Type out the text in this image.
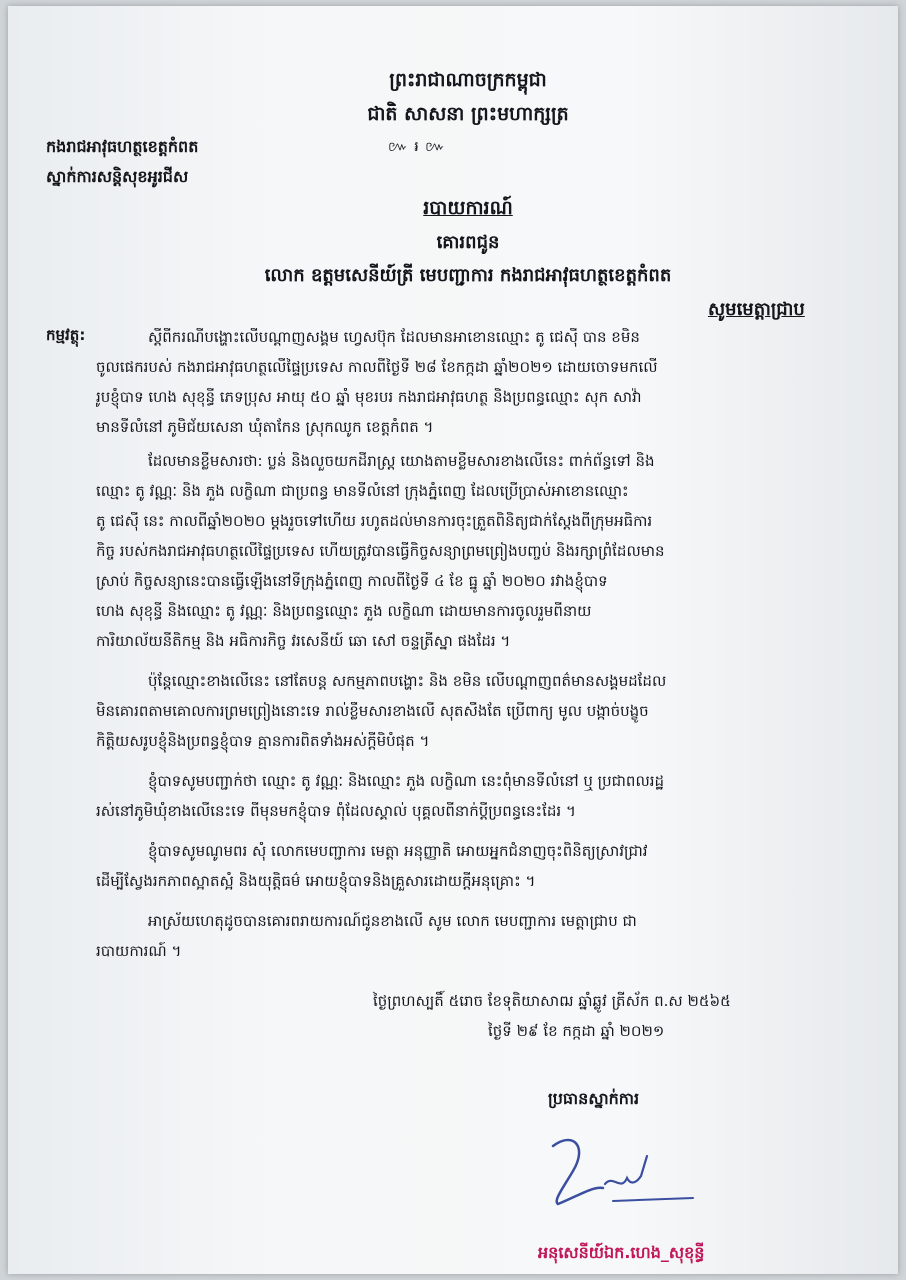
ព្រះរាជាណាចក្រកម្ពុជា
ជាតិ សាសនា ព្រះមហាក្សត្រ
៚ ៛ ៚
កងរាជអាវុធហត្ថខេត្តកំពត
ស្នាក់ការសន្តិសុខអូរជីស
របាយការណ៍
គោរពជូន
លោក ឧត្តមសេនីយ៍ត្រី មេបញ្ជាការ កងរាជអាវុធហត្ថខេត្តកំពត
សូមមេត្តាជ្រាប
កម្មវត្ថុ:	ស្តីពីករណីបង្ហោះលើបណ្តាញសង្គម ហ្វេសប៊ុក ដែលមានអាខោនឈ្មោះ តូ ជេស៊ី បាន ខមិន
ចូលផេករបស់ កងរាជអាវុធហត្ថលើផ្ទៃប្រទេស កាលពីថ្ងៃទី ២៨ ខែកក្កដា ឆ្នាំ២០២១ ដោយចោទមកលើ
រូបខ្ញុំបាទ ហេង សុខុន្ធី ភេទប្រុស អាយុ ៥០ ឆ្នាំ មុខរបរ កងរាជអាវុធហត្ថ និងប្រពន្ធឈ្មោះ សុក សាវ៉ា
មានទីលំនៅ ភូមិជ័យសេនា ឃុំតាកែន ស្រុកឈូក ខេត្តកំពត ។
ដែលមានខ្លឹមសារថា: ប្លន់ និងលួចយកដីរាស្ត្រ យោងតាមខ្លឹមសារខាងលើនេះ ពាក់ព័ន្ធទៅ និង
ឈ្មោះ តូ វណ្ណៈ និង ភួង លក្ខិណា ជាប្រពន្ធ មានទីលំនៅ ក្រុងភ្នំពេញ ដែលប្រើប្រាស់អាខោនឈ្មោះ
តូ ជេស៊ី នេះ កាលពីឆ្នាំ២០២០ ម្តងរួចទៅហើយ រហូតដល់មានការចុះត្រួតពិនិត្យជាក់ស្តែងពីក្រុមអធិការ
កិច្ច របស់កងរាជអាវុធហត្ថលើផ្ទៃប្រទេស ហើយត្រូវបានធ្វើកិច្ចសន្យាព្រមព្រៀងបញ្ចប់ និងរក្សាព្រំដែលមាន
ស្រាប់ កិច្ចសន្យានេះបានធ្វើឡើងនៅទីក្រុងភ្នំពេញ កាលពីថ្ងៃទី ៤ ខែ ធ្នូ ឆ្នាំ ២០២០ រវាងខ្ញុំបាទ
ហេង សុខុន្ធី និងឈ្មោះ តូ វណ្ណៈ និងប្រពន្ធឈ្មោះ ភួង លក្ខិណា ដោយមានការចូលរួមពីនាយ
ការិយាល័យនីតិកម្ម និង អធិការកិច្ច វរសេនីយ៍ ឆោ សៅ ចន្ទត្រីស្នា ផងដែរ ។
ប៉ុន្តែឈ្មោះខាងលើនេះ នៅតែបន្ត សកម្មភាពបង្ហោះ និង ខមិន លើបណ្តាញពត៌មានសង្គមដដែល
មិនគោរពតាមគោលការព្រមព្រៀងនោះទេ រាល់ខ្លឹមសារខាងលើ សុតសឹងតែ ប្រើពាក្យ មូល បង្កាច់បង្ខូច
កិត្តិយសរូបខ្ញុំនិងប្រពន្ធខ្ញុំបាទ គ្មានការពិតទាំងអស់ក្តីមិបំផុត ។
ខ្ញុំបាទសូមបញ្ជាក់ថា ឈ្មោះ តូ វណ្ណៈ និងឈ្មោះ ភួង លក្ខិណា នេះពុំមានទីលំនៅ ឬ ប្រជាពលរដ្ឋ
រស់នៅភូមិឃុំខាងលើនេះទេ ពីមុនមកខ្ញុំបាទ ពុំដែលស្គាល់ បុគ្គលពីនាក់ប្តីប្រពន្ធនេះដែរ ។
ខ្ញុំបាទសូមណូមពរ សុំ លោកមេបញ្ជាការ មេត្តា អនុញ្ញាតិ អោយអ្នកជំនាញចុះពិនិត្យស្រាវជ្រាវ
ដើម្បីស្វែងរកភាពស្អាតស្អំ និងយុត្តិធម៌ អោយខ្ញុំបាទនិងគ្រួសារដោយក្តីអនុគ្រោះ ។
អាស្រ័យហេតុដូចបានគោរពរាយការណ៍ជូនខាងលើ សូម លោក មេបញ្ជាការ មេត្តាជ្រាប ជា
របាយការណ៍ ។
ថ្ងៃព្រហស្បតិ៍ ៥រោច ខែទុតិយាសាឍ ឆ្នាំឆ្លូវ ត្រីស័ក ព.ស ២៥៦៥
ថ្ងៃទី ២៩ ខែ កក្កដា ឆ្នាំ ២០២១
ប្រធានស្នាក់ការ
អនុសេនីយ៍ឯក.ហេង_សុខុន្ធី
